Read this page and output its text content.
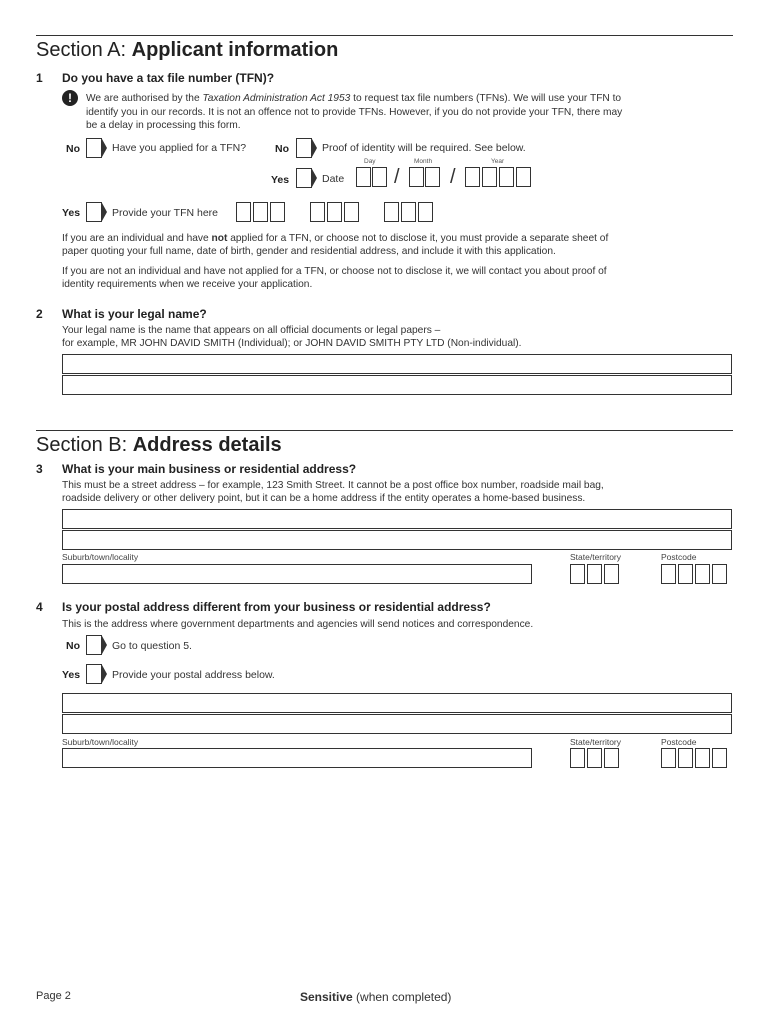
Section A: Applicant information
1 Do you have a tax file number (TFN)?
!	We are authorised by the Taxation Administration Act 1953 to request tax file numbers (TFNs). We will use your TFN to
identify you in our records. It is not an offence not to provide TFNs. However, if you do not provide your TFN, there may
be a delay in processing this form.
No	Have you applied for a TFN?	No	Proof of identity will be required. See below.
Day	Month	Year
Yes	Date /	/
Yes	Provide your TFN here
If you are an individual and have not applied for a TFN, or choose not to disclose it, you must provide a separate sheet of
paper quoting your full name, date of birth, gender and residential address, and include it with this application.
If you are not an individual and have not applied for a TFN, or choose not to disclose it, we will contact you about proof of
identity requirements when we receive your application.
2 What is your legal name?
Your legal name is the name that appears on all official documents or legal papers –
for example, MR JOHN DAVID SMITH (Individual); or JOHN DAVID SMITH PTY LTD (Non-individual).
Section B: Address details
3 What is your main business or residential address?
This must be a street address – for example, 123 Smith Street. It cannot be a post office box number, roadside mail bag,
roadside delivery or other delivery point, but it can be a home address if the entity operates a home-based business.
Suburb/town/locality	State/territory	Postcode
4 Is your postal address different from your business or residential address?
This is the address where government departments and agencies will send notices and correspondence.
No	Go to question 5.
Yes	Provide your postal address below.
Suburb/town/locality	State/territory	Postcode
Page 2	Sensitive (when completed)
